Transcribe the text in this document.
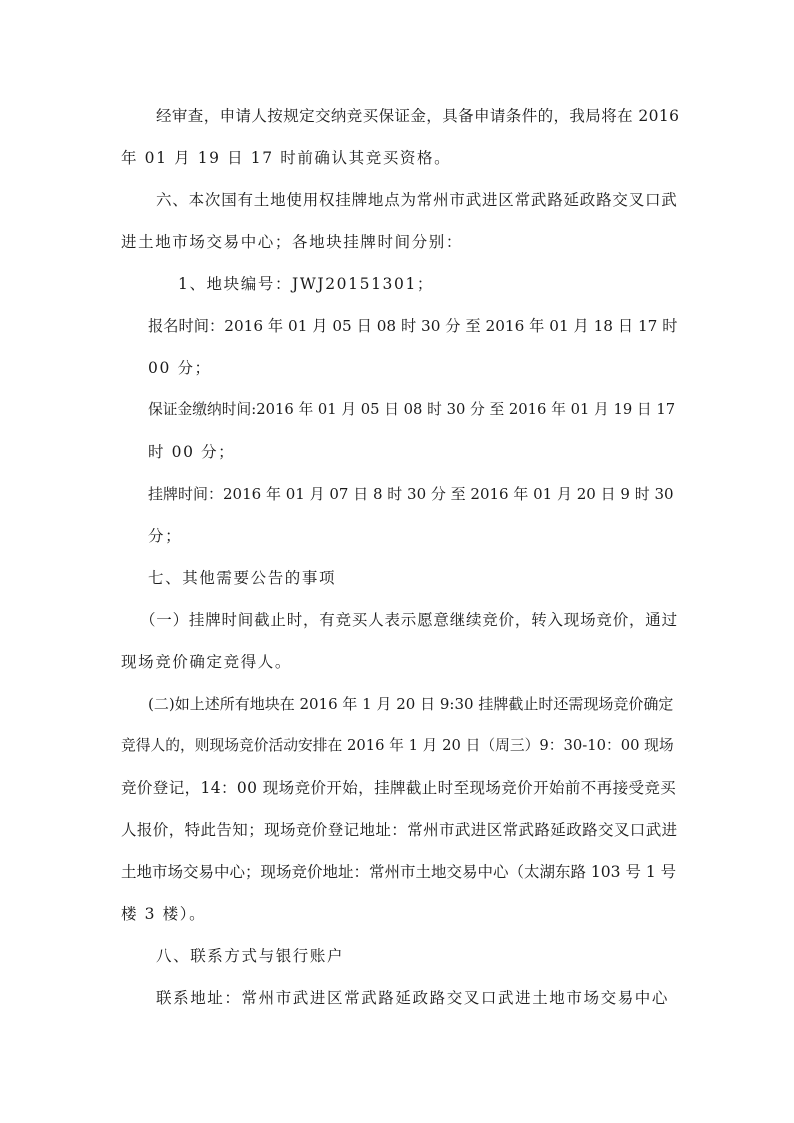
经审查，申请人按规定交纳竞买保证金，具备申请条件的，我局将在 2016
年 01 月 19 日 17 时前确认其竞买资格。
六、本次国有土地使用权挂牌地点为常州市武进区常武路延政路交叉口武
进土地市场交易中心；各地块挂牌时间分别：
1、地块编号：JWJ20151301；
报名时间：2016 年 01 月 05 日 08 时 30 分 至 2016 年 01 月 18 日 17 时
00 分；
保证金缴纳时间:2016 年 01 月 05 日 08 时 30 分 至 2016 年 01 月 19 日 17
时 00 分；
挂牌时间：2016 年 01 月 07 日 8 时 30 分 至 2016 年 01 月 20 日 9 时 30
分；
七、其他需要公告的事项
（一）挂牌时间截止时，有竞买人表示愿意继续竞价，转入现场竞价，通过
现场竞价确定竞得人。
(二)如上述所有地块在 2016 年 1 月 20 日 9:30 挂牌截止时还需现场竞价确定
竞得人的，则现场竞价活动安排在 2016 年 1 月 20 日（周三）9：30-10：00 现场
竞价登记，14：00 现场竞价开始，挂牌截止时至现场竞价开始前不再接受竞买
人报价，特此告知；现场竞价登记地址：常州市武进区常武路延政路交叉口武进
土地市场交易中心；现场竞价地址：常州市土地交易中心（太湖东路 103 号 1 号
楼 3 楼）。
八、联系方式与银行账户
联系地址：常州市武进区常武路延政路交叉口武进土地市场交易中心
